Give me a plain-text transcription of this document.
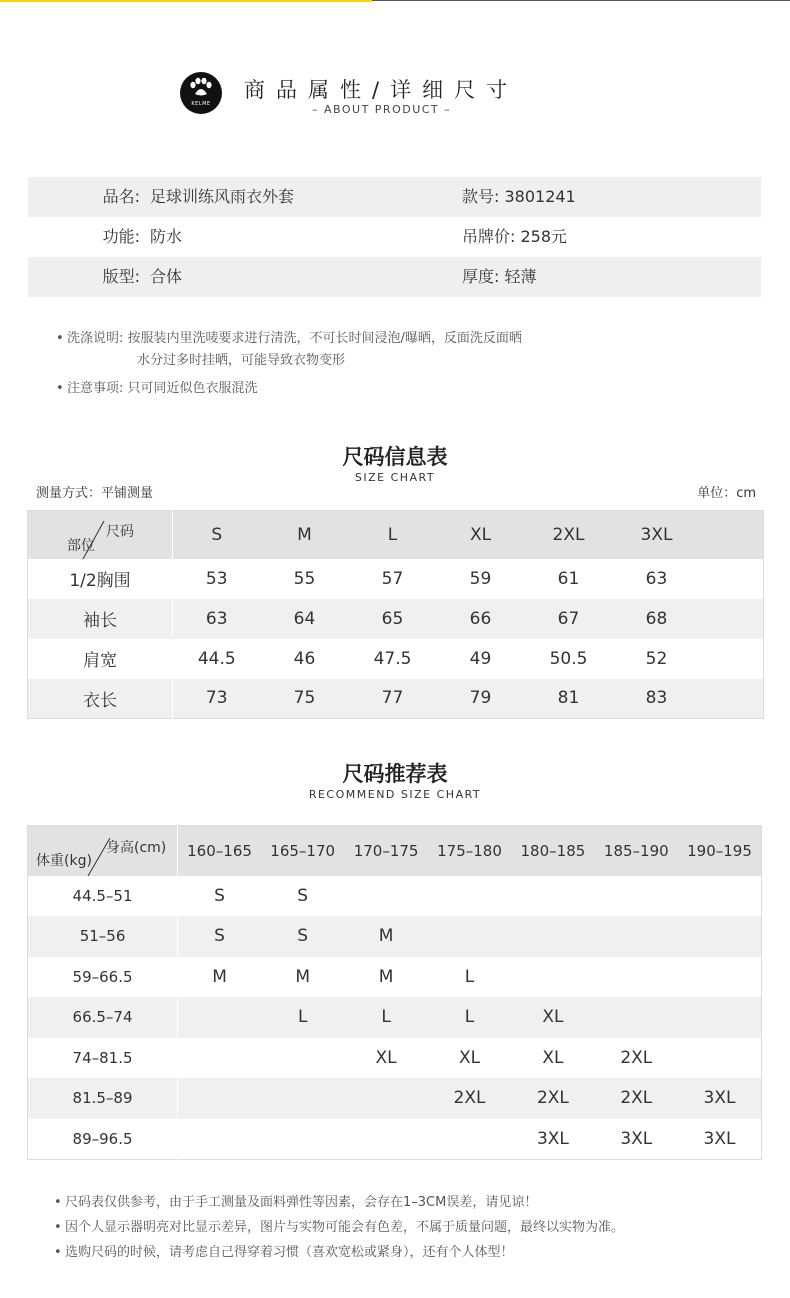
KELME
商品属性/详细尺寸
– ABOUT PRODUCT –
品名: 足球训练风雨衣外套	款号: 3801241
功能: 防水	吊牌价: 258元
版型: 合体	厚度: 轻薄
• 洗涤说明: 按服装内里洗唛要求进行清洗，不可长时间浸泡/曝晒，反面洗反面晒
水分过多时挂晒，可能导致衣物变形
• 注意事项: 只可同近似色衣服混洗
尺码信息表
SIZE CHART
测量方式：平铺测量	单位：cm
尺码
部位	S	M	L	XL	2XL	3XL	
1/2胸围	53	55	57	59	61	63	
袖长	63	64	65	66	67	68	
肩宽	44.5	46	47.5	49	50.5	52	
衣长	73	75	77	79	81	83	
尺码推荐表
RECOMMEND SIZE CHART
身高(cm)
体重(kg)	160–165	165–170	170–175	175–180	180–185	185–190	190–195
44.5–51	S	S					
51–56	S	S	M				
59–66.5	M	M	M	L			
66.5–74		L	L	L	XL		
74–81.5			XL	XL	XL	2XL	
81.5–89				2XL	2XL	2XL	3XL
89–96.5					3XL	3XL	3XL
• 尺码表仅供参考，由于手工测量及面料弹性等因素，会存在1–3CM误差，请见谅！
• 因个人显示器明亮对比显示差异，图片与实物可能会有色差，不属于质量问题，最终以实物为准。
• 选购尺码的时候，请考虑自己得穿着习惯（喜欢宽松或紧身），还有个人体型！
